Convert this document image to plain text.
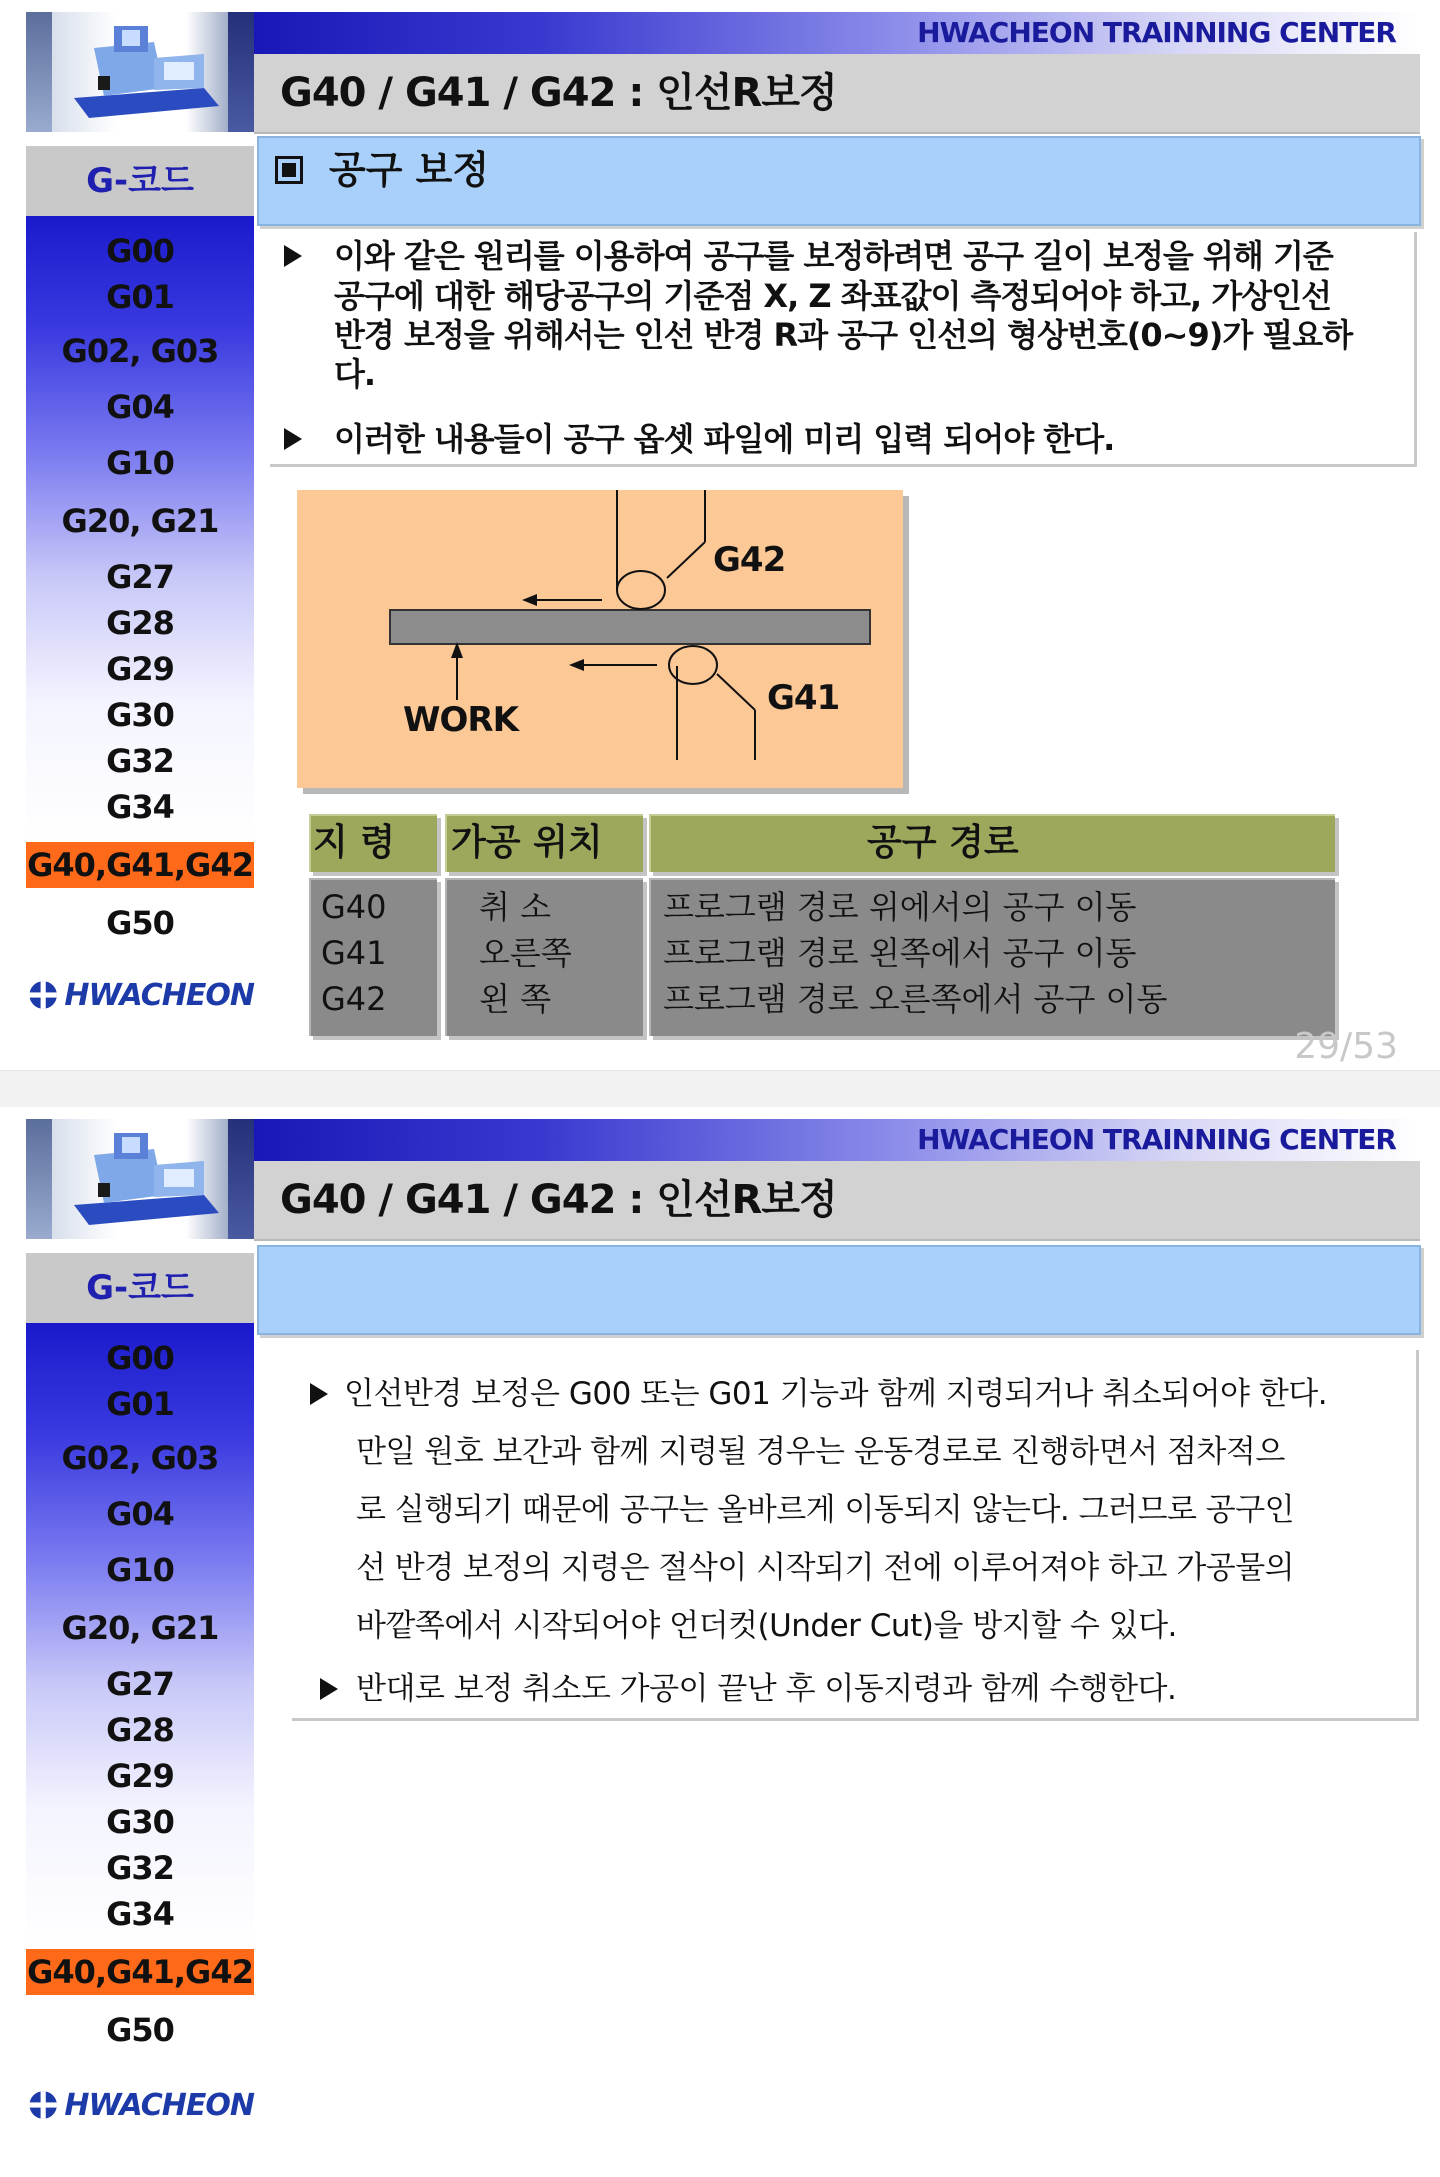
G-코드
G00
G01
G02, G03
G04
G10
G20, G21
G27
G28
G29
G30
G32
G34
G40,G41,G42
G50
HWACHEON
HWACHEON TRAINNING CENTER
G40 / G41 / G42 : 인선R보정
공구 보정
이와 같은 원리를 이용하여 공구를 보정하려면 공구 길이 보정을 위해 기준
공구에 대한 해당공구의 기준점 X, Z 좌표값이 측정되어야 하고, 가상인선
반경 보정을 위해서는 인선 반경 R과 공구 인선의 형상번호(0~9)가 필요하
다.
이러한 내용들이 공구 옵셋 파일에 미리 입력 되어야 한다.
G42
G41
WORK
지 령 가공 위치	공구 경로
G40
G41
G42
취 소
오른쪽
왼 쪽
프로그램 경로 위에서의 공구 이동
프로그램 경로 왼쪽에서 공구 이동
프로그램 경로 오른쪽에서 공구 이동
29/53
G-코드
G00
G01
G02, G03
G04
G10
G20, G21
G27
G28
G29
G30
G32
G34
G40,G41,G42
G50
HWACHEON
HWACHEON TRAINNING CENTER
G40 / G41 / G42 : 인선R보정
인선반경 보정은 G00 또는 G01 기능과 함께 지령되거나 취소되어야 한다.
만일 원호 보간과 함께 지령될 경우는 운동경로로 진행하면서 점차적으
로 실행되기 때문에 공구는 올바르게 이동되지 않는다. 그러므로 공구인
선 반경 보정의 지령은 절삭이 시작되기 전에 이루어져야 하고 가공물의
바깥쪽에서 시작되어야 언더컷(Under Cut)을 방지할 수 있다.
반대로 보정 취소도 가공이 끝난 후 이동지령과 함께 수행한다.
